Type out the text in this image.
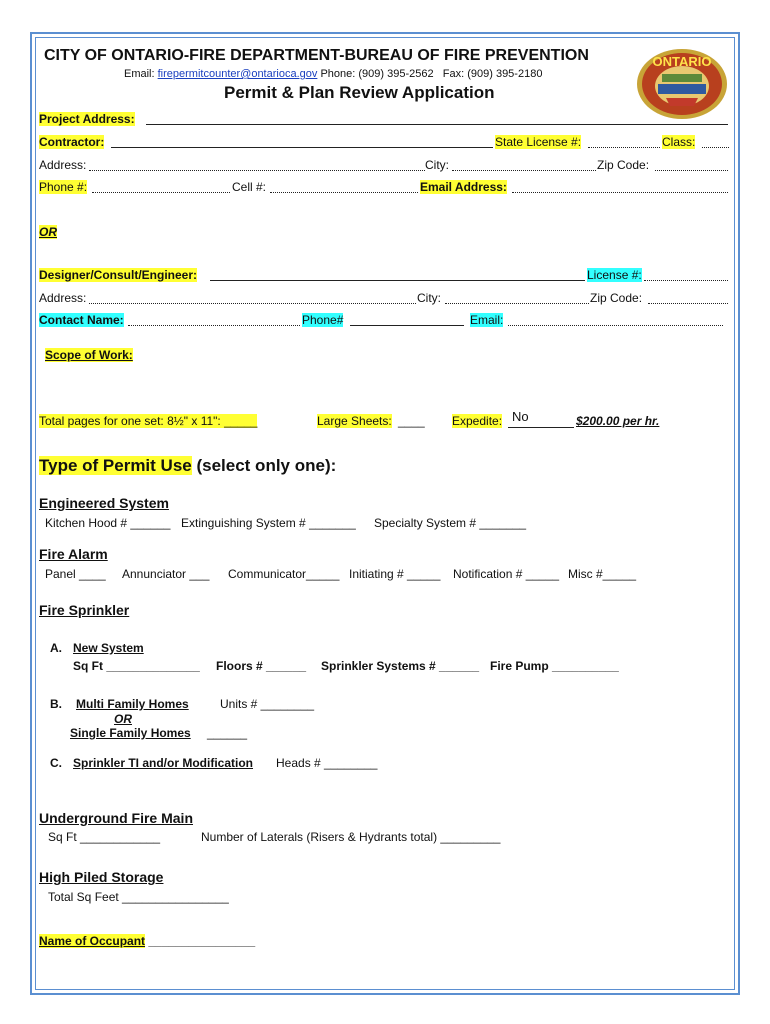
CITY OF ONTARIO-FIRE DEPARTMENT-BUREAU OF FIRE PREVENTION
Email: firepermitcounter@ontarioca.gov Phone: (909) 395-2562 Fax: (909) 395-2180
Permit & Plan Review Application
ONTARIO
Project Address:
Contractor:	State License #:	Class:
Address:	City:	Zip Code:
Phone #:	Cell #:	Email Address:
OR
Designer/Consult/Engineer:	License #:
Address:	City:	Zip Code:
Contact Name:	Phone#	Email:
Scope of Work:
Total pages for one set: 8½" x 11": _____	Large Sheets: ____ Expedite: No	$200.00 per hr.
Type of Permit Use (select only one):
Engineered System
Kitchen Hood # ______ Extinguishing System # _______ Specialty System # _______
Fire Alarm
Panel ____ Annunciator ___ Communicator_____ Initiating # _____ Notification # _____ Misc #_____
Fire Sprinkler
A. New System
Sq Ft ______________ Floors # ______ Sprinkler Systems # ______ Fire Pump __________
B. Multi Family Homes	Units # ________
OR
Single Family Homes ______
C. Sprinkler TI and/or Modification Heads # ________
Underground Fire Main
Sq Ft ____________	Number of Laterals (Risers & Hydrants total) _________
High Piled Storage
Total Sq Feet ________________
Name of Occupant ________________
